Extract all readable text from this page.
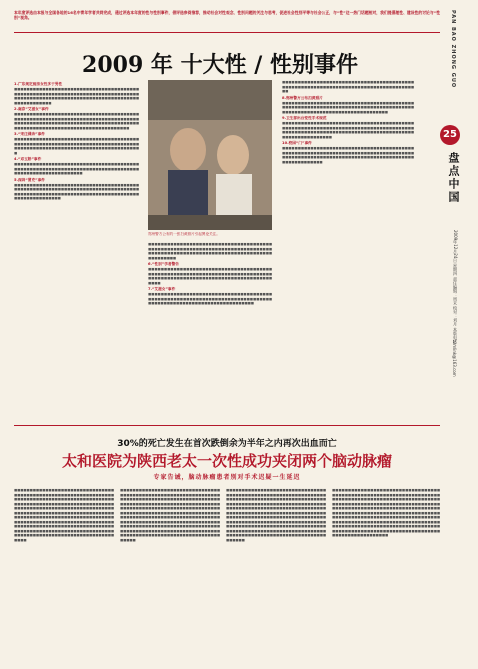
本年度评选由本报与全国各地的16名中青年学者共同完成，通过评选本年度的性与性别事件，借评选参阅推荐，推动社会对性观念、性别问题的关注与思考，促进社会性别平等与社会公正，与“性”这一热门话题相对，我们提倡理性、建设性的讨论与“性别”视角。	PAN BAO ZHONG GUO
2009 年 十大性 / 性别事件
25
盘点中国
2009年12月24日 星期四 责任编辑：周末 校对：刘月 本版电话：
zzmlink@163.com
1.广东规定厨房女性多于男性
■■■■■■■■■■■■■■■■■■■■■■■■■■■■■■■■■■■■■■■■■■■■■■■■■■■■■■■■■■■■■■■■■■■■■■■■■■■■■■■■■■■■■■■■■■■■■■■■■■■■■■■■■■■■■■■■■■■■■■■■■■■■■■■■■■■■
2.南京“艾滋女”事件
■■■■■■■■■■■■■■■■■■■■■■■■■■■■■■■■■■■■■■■■■■■■■■■■■■■■■■■■■■■■■■■■■■■■■■■■■■■■■■■■■■■■■■■■■■■■■■■■■■■■■■■■■■■■■■■■■■■■■■■■■■■■■■■■■■■■■■■■■■■■■■■■■■■■■■■■■■■■■
3.“宋庄裸奔”事件
■■■■■■■■■■■■■■■■■■■■■■■■■■■■■■■■■■■■■■■■■■■■■■■■■■■■■■■■■■■■■■■■■■■■■■■■■■■■■■■■■■■■■■■■■■■■■■■■■■■■■■■■■■■■■■■■■■■■■■■■■
4.“邓玉娇”事件
■■■■■■■■■■■■■■■■■■■■■■■■■■■■■■■■■■■■■■■■■■■■■■■■■■■■■■■■■■■■■■■■■■■■■■■■■■■■■■■■■■■■■■■■■■■■■■■■■■■■■■
5.深圳“冒充”事件
■■■■■■■■■■■■■■■■■■■■■■■■■■■■■■■■■■■■■■■■■■■■■■■■■■■■■■■■■■■■■■■■■■■■■■■■■■■■■■■■■■■■■■■■■■■■■■■■■■■■■■■■■■■■■■■■■■■■■■■■■■■■■■■■■■■■■■■
郑州警方公布的一张扫黄照片引起舆论关注。
■■■■■■■■■■■■■■■■■■■■■■■■■■■■■■■■■■■■■■■■■■■■■■■■■■■■■■■■■■■■■■■■■■■■■■■■■■■■■■■■■■■■■■■■■■■■■■■■■■■■■■■■■■■■■■■■■■■■■■■■■■■■■■
6.“性别”学者警告
■■■■■■■■■■■■■■■■■■■■■■■■■■■■■■■■■■■■■■■■■■■■■■■■■■■■■■■■■■■■■■■■■■■■■■■■■■■■■■■■■■■■■■■■■■■■■■■■■■■■■■■■■■■■■■■■■■■■■■■■■
7.“艾滋女”事件
■■■■■■■■■■■■■■■■■■■■■■■■■■■■■■■■■■■■■■■■■■■■■■■■■■■■■■■■■■■■■■■■■■■■■■■■■■■■■■■■■■■■■■■■■■■■■■■■■■■■■■■■■■■■■■■■
■■■■■■■■■■■■■■■■■■■■■■■■■■■■■■■■■■■■■■■■■■■■■■■■■■■■■■■■■■■■■■■■■■■■■■■■■■■■■■■■■■■■■■
8.郑州警方公布扫黄照片
■■■■■■■■■■■■■■■■■■■■■■■■■■■■■■■■■■■■■■■■■■■■■■■■■■■■■■■■■■■■■■■■■■■■■■■■■■■■■■■■■■■■■■■■■■■■■■■■■■■■■■■■■■■■■■■■■■■■■■
9.卫生部出台变性手术规范
■■■■■■■■■■■■■■■■■■■■■■■■■■■■■■■■■■■■■■■■■■■■■■■■■■■■■■■■■■■■■■■■■■■■■■■■■■■■■■■■■■■■■■■■■■■■■■■■■■■■■■■■■■■■■■■■■■■■■■■■■■■■■■■■■■■■■■■■■■■■■■
10.校园“门”事件
■■■■■■■■■■■■■■■■■■■■■■■■■■■■■■■■■■■■■■■■■■■■■■■■■■■■■■■■■■■■■■■■■■■■■■■■■■■■■■■■■■■■■■■■■■■■■■■■■■■■■■■■■■■■■■■■■■■■■■■■■■■■■■■■■■■■■■■■■■■
30%的死亡发生在首次跌倒余为半年之内再次出血而亡
太和医院为陕西老太一次性成功夹闭两个脑动脉瘤
专家告诫，脑动脉瘤患者别对手术迟疑一生延迟
■■■■■■■■■■■■■■■■■■■■■■■■■■■■■■■■■■■■■■■■■■■■■■■■■■■■■■■■■■■■■■■■■■■■■■■■■■■■■■■■■■■■■■■■■■■■■■■■■■■■■■■■■■■■■■■■■■■■■■■■■■■■■■■■■■■■■■■■■■■■■■■■■■■■■■■■■■■■■■■■■■■■■■■■■■■■■■■■■■■■■■■■■■■■■■■■■■■■■■■■■■■■■■■■■■■■■■■■■■■■■■■■■■■■■■■■■■■■■■■■■■■■■■■■■■■■■■■■■■■■■■■■■■■■■■■■■■■■■■■■■■■■■■■■■■■■■■■■■■■■■■■■■■■■■■■■■■■■■■■■■■■■■■■■■■■■■■■■■■■■■■■■■■■■■■■■■■■■
■■■■■■■■■■■■■■■■■■■■■■■■■■■■■■■■■■■■■■■■■■■■■■■■■■■■■■■■■■■■■■■■■■■■■■■■■■■■■■■■■■■■■■■■■■■■■■■■■■■■■■■■■■■■■■■■■■■■■■■■■■■■■■■■■■■■■■■■■■■■■■■■■■■■■■■■■■■■■■■■■■■■■■■■■■■■■■■■■■■■■■■■■■■■■■■■■■■■■■■■■■■■■■■■■■■■■■■■■■■■■■■■■■■■■■■■■■■■■■■■■■■■■■■■■■■■■■■■■■■■■■■■■■■■■■■■■■■■■■■■■■■■■■■■■■■■■■■■■■■■■■■■■■■■■■■■■■■■■■■■■■■■■■■■■■■■■■■■■■■■■■■■■■■■■■■■■■■■■
■■■■■■■■■■■■■■■■■■■■■■■■■■■■■■■■■■■■■■■■■■■■■■■■■■■■■■■■■■■■■■■■■■■■■■■■■■■■■■■■■■■■■■■■■■■■■■■■■■■■■■■■■■■■■■■■■■■■■■■■■■■■■■■■■■■■■■■■■■■■■■■■■■■■■■■■■■■■■■■■■■■■■■■■■■■■■■■■■■■■■■■■■■■■■■■■■■■■■■■■■■■■■■■■■■■■■■■■■■■■■■■■■■■■■■■■■■■■■■■■■■■■■■■■■■■■■■■■■■■■■■■■■■■■■■■■■■■■■■■■■■■■■■■■■■■■■■■■■■■■■■■■■■■■■■■■■■■■■■■■■■■■■■■■■■■■■■■■■■■■■■■■■■■■■■■■■■■■■■
■■■■■■■■■■■■■■■■■■■■■■■■■■■■■■■■■■■■■■■■■■■■■■■■■■■■■■■■■■■■■■■■■■■■■■■■■■■■■■■■■■■■■■■■■■■■■■■■■■■■■■■■■■■■■■■■■■■■■■■■■■■■■■■■■■■■■■■■■■■■■■■■■■■■■■■■■■■■■■■■■■■■■■■■■■■■■■■■■■■■■■■■■■■■■■■■■■■■■■■■■■■■■■■■■■■■■■■■■■■■■■■■■■■■■■■■■■■■■■■■■■■■■■■■■■■■■■■■■■■■■■■■■■■■■■■■■■■■■■■■■■■■■■■■■■■■■■■■■■■■■■■■■■■■■■■■■■■■■■■■■■■■■■■■■■■■■■■■■■■■■■■■■■■■■■■■■■■■■■
